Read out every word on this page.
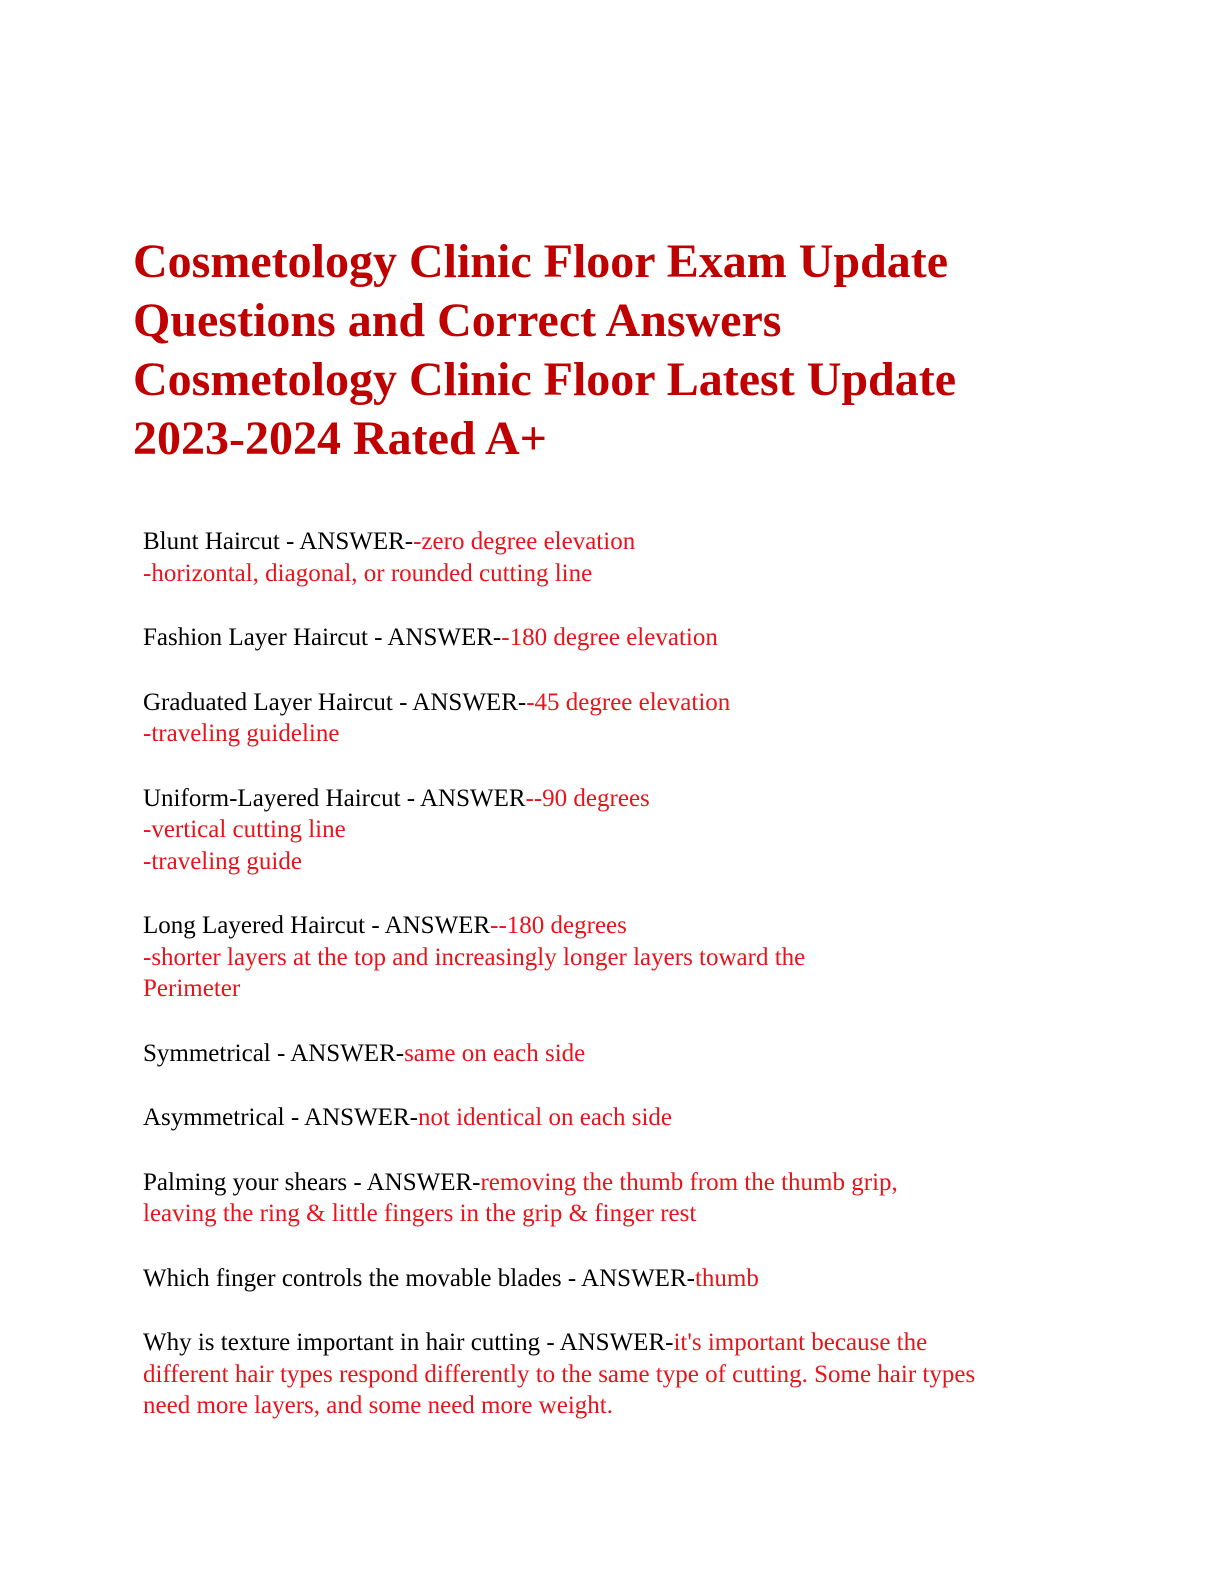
Cosmetology Clinic Floor Exam Update
Questions and Correct Answers
Cosmetology Clinic Floor Latest Update
2023-2024 Rated A+
Blunt Haircut - ANSWER--zero degree elevation
-horizontal, diagonal, or rounded cutting line
Fashion Layer Haircut - ANSWER--180 degree elevation
Graduated Layer Haircut - ANSWER--45 degree elevation
-traveling guideline
Uniform-Layered Haircut - ANSWER--90 degrees
-vertical cutting line
-traveling guide
Long Layered Haircut - ANSWER--180 degrees
-shorter layers at the top and increasingly longer layers toward the
Perimeter
Symmetrical - ANSWER-same on each side
Asymmetrical - ANSWER-not identical on each side
Palming your shears - ANSWER-removing the thumb from the thumb grip,
leaving the ring & little fingers in the grip & finger rest
Which finger controls the movable blades - ANSWER-thumb
Why is texture important in hair cutting - ANSWER-it's important because the
different hair types respond differently to the same type of cutting. Some hair types
need more layers, and some need more weight.
